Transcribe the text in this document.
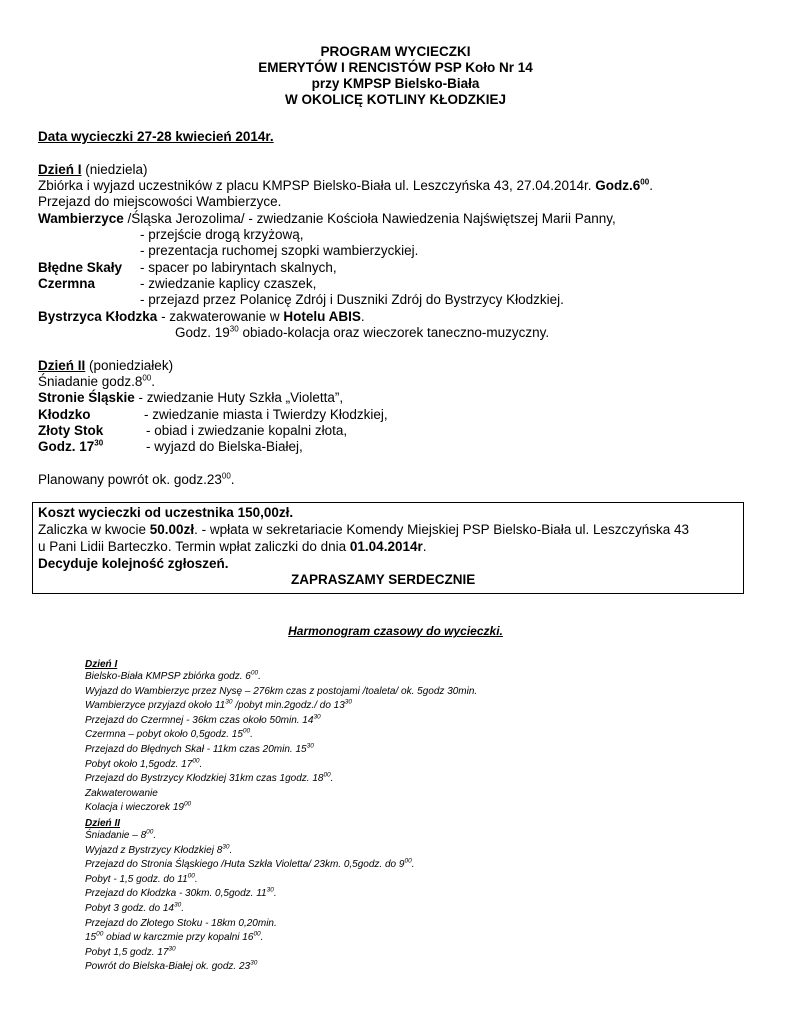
PROGRAM WYCIECZKI
EMERYTÓW I RENCISTÓW PSP Koło Nr 14
przy KMPSP Bielsko-Biała
W OKOLICĘ KOTLINY KŁODZKIEJ
Data wycieczki 27-28 kwiecień 2014r.
Dzień I (niedziela)
Zbiórka i wyjazd uczestników z placu KMPSP Bielsko-Biała ul. Leszczyńska 43, 27.04.2014r. $Godz.6^{00}$.
Przejazd do miejscowości Wambierzyce.
Wambierzyce /Śląska Jerozolima/ - zwiedzanie Kościoła Nawiedzenia Najświętszej Marii Panny,
- przejście drogą krzyżową,
- prezentacja ruchomej szopki wambierzyckiej.
Błędne Skały - spacer po labiryntach skalnych,
Czermna	- zwiedzanie kaplicy czaszek,
- przejazd przez Polanicę Zdrój i Duszniki Zdrój do Bystrzycy Kłodzkiej.
Bystrzyca Kłodzka - zakwaterowanie w Hotelu ABIS.
Godz. $19^{30}$ obiado-kolacja oraz wieczorek taneczno-muzyczny.
Dzień II (poniedziałek)
Śniadanie $godz.8^{00}$.
Stronie Śląskie - zwiedzanie Huty Szkła „Violetta”,
Kłodzko	- zwiedzanie miasta i Twierdzy Kłodzkiej,
Złoty Stok	- obiad i zwiedzanie kopalni złota,
Godz. $17^{30}$	- wyjazd do Bielska-Białej,
Planowany powrót ok. $godz.23^{00}$.
Koszt wycieczki od uczestnika 150,00zł.
Zaliczka w kwocie 50.00zł. - wpłata w sekretariacie Komendy Miejskiej PSP Bielsko-Biała ul. Leszczyńska 43
u Pani Lidii Barteczko. Termin wpłat zaliczki do dnia 01.04.2014r.
Decyduje kolejność zgłoszeń.
ZAPRASZAMY SERDECZNIE
Harmonogram czasowy do wycieczki.
Dzień I
Bielsko-Biała KMPSP zbiórka godz. $6^{00}$.
Wyjazd do Wambierzyc przez Nysę – 276km czas z postojami /toaleta/ ok. 5godz 30min.
Wambierzyce przyjazd około $11^{30}$ /pobyt min.2godz./ do $13^{30}$
Przejazd do Czermnej - 36km czas około 50min. $14^{30}$
Czermna – pobyt około 0,5godz. $15^{00}$.
Przejazd do Błędnych Skał - 11km czas 20min. $15^{30}$
Pobyt około 1,5godz. $17^{00}$.
Przejazd do Bystrzycy Kłodzkiej 31km czas 1godz. $18^{00}$.
Zakwaterowanie
Kolacja i wieczorek $19^{00}$
Dzień II
Śniadanie – $8^{00}$.
Wyjazd z Bystrzycy Kłodzkiej $8^{30}$.
Przejazd do Stronia Śląskiego /Huta Szkła Violetta/ 23km. 0,5godz. do $9^{00}$.
Pobyt - 1,5 godz. do $11^{00}$.
Przejazd do Kłodzka - 30km. 0,5godz. $11^{30}$.
Pobyt 3 godz. do $14^{30}$.
Przejazd do Złotego Stoku - 18km 0,20min.
$15^{00}$ obiad w karczmie przy kopalni $16^{00}$.
Pobyt 1,5 godz. $17^{30}$
Powrót do Bielska-Białej ok. godz. $23^{30}$
